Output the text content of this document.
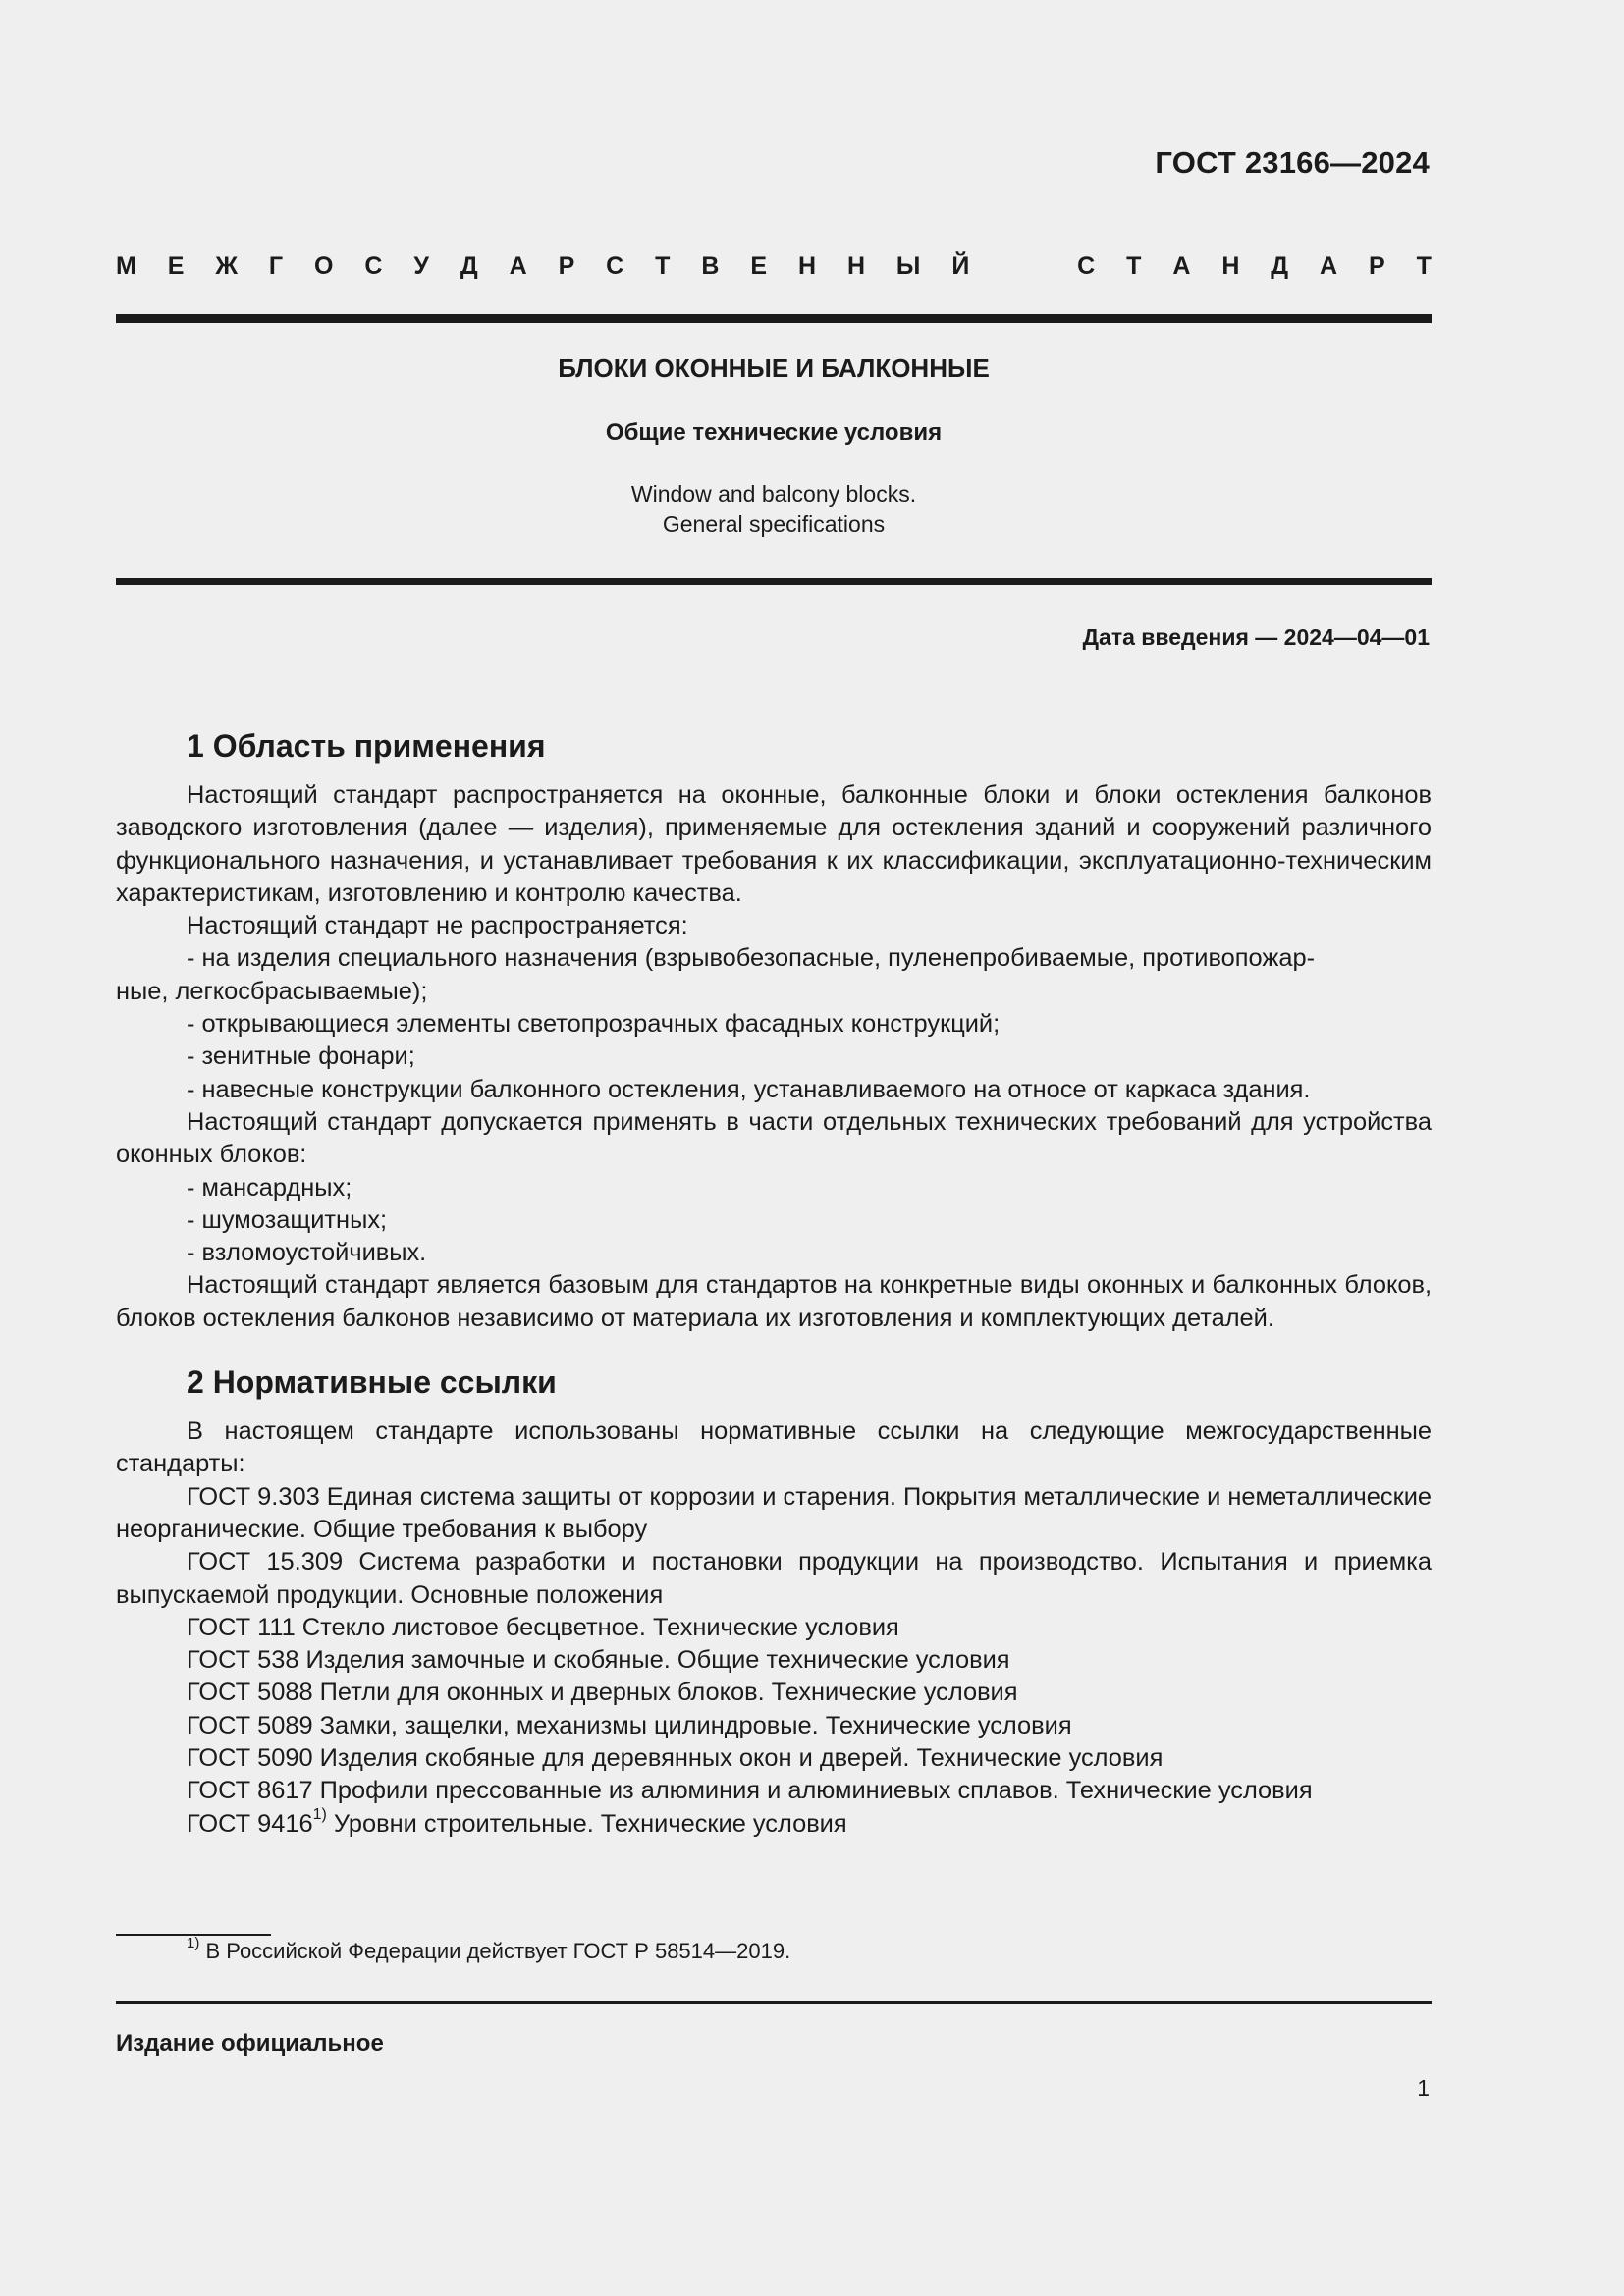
ГОСТ 23166—2024
М Е Ж Г О С У Д А Р С Т В Е Н Н Ы Й	С Т А Н Д А Р Т
БЛОКИ ОКОННЫЕ И БАЛКОННЫЕ
Общие технические условия
Window and balcony blocks.
General specifications
Дата введения — 2024—04—01
1 Область применения

Настоящий стандарт распространяется на оконные, балконные блоки и блоки остекления балконов заводского изготовления (далее — изделия), применяемые для остекления зданий и сооружений различного функционального назначения, и устанавливает требования к их классификации, эксплуатационно-техническим характеристикам, изготовлению и контролю качества.

Настоящий стандарт не распространяется:

- на изделия специального назначения (взрывобезопасные, пуленепробиваемые, противопожар-

ные, легкосбрасываемые);

- открывающиеся элементы светопрозрачных фасадных конструкций;

- зенитные фонари;

- навесные конструкции балконного остекления, устанавливаемого на относе от каркаса здания.

Настоящий стандарт допускается применять в части отдельных технических требований для устройства оконных блоков:

- мансардных;

- шумозащитных;

- взломоустойчивых.

Настоящий стандарт является базовым для стандартов на конкретные виды оконных и балконных блоков, блоков остекления балконов независимо от материала их изготовления и комплектующих деталей.

2 Нормативные ссылки

В настоящем стандарте использованы нормативные ссылки на следующие межгосударственные стандарты:

ГОСТ 9.303 Единая система защиты от коррозии и старения. Покрытия металлические и неметаллические неорганические. Общие требования к выбору

ГОСТ 15.309 Система разработки и постановки продукции на производство. Испытания и приемка выпускаемой продукции. Основные положения

ГОСТ 111 Стекло листовое бесцветное. Технические условия

ГОСТ 538 Изделия замочные и скобяные. Общие технические условия

ГОСТ 5088 Петли для оконных и дверных блоков. Технические условия

ГОСТ 5089 Замки, защелки, механизмы цилиндровые. Технические условия

ГОСТ 5090 Изделия скобяные для деревянных окон и дверей. Технические условия

ГОСТ 8617 Профили прессованные из алюминия и алюминиевых сплавов. Технические условия

ГОСТ 9416$^{1)}$ Уровни строительные. Технические условия

$^{1)}$ В Российской Федерации действует ГОСТ Р 58514—2019.
Издание официальное
1
